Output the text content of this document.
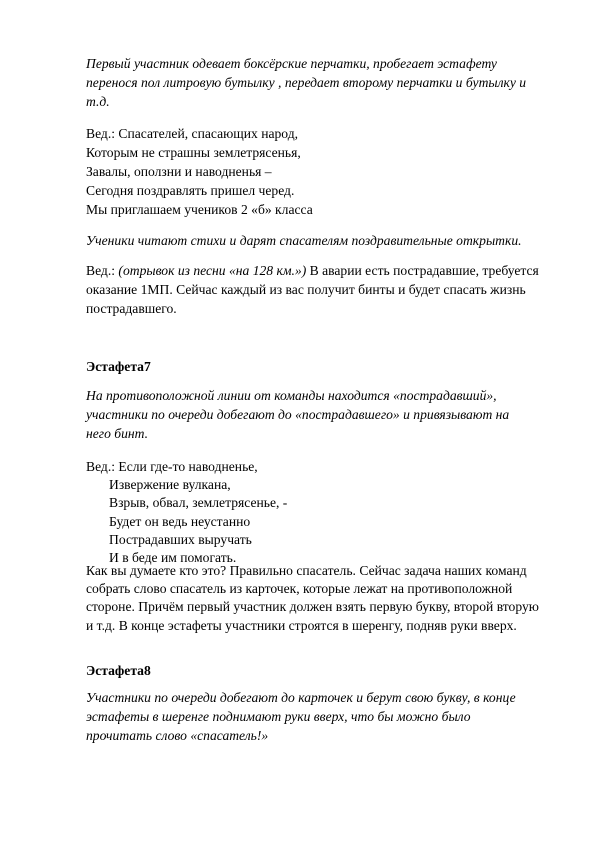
Первый участник одевает боксёрские перчатки, пробегает эстафету
перенося пол литровую бутылку , передает второму перчатки и бутылку и
т.д.
Вед.: Спасателей, спасающих народ,
Которым не страшны землетрясенья,
Завалы, оползни и наводненья –
Сегодня поздравлять пришел черед.
Мы приглашаем учеников 2 «б» класса
Ученики читают стихи и дарят спасателям поздравительные открытки.
Вед.: (отрывок из песни «на 128 км.») В аварии есть пострадавшие, требуется
оказание 1МП. Сейчас каждый из вас получит бинты и будет спасать жизнь
пострадавшего.
Эстафета7
На противоположной линии от команды находится «пострадавший»,
участники по очереди добегают до «пострадавшего» и привязывают на
него бинт.
Вед.: Если где-то наводненье,
Извержение вулкана,
Взрыв, обвал, землетрясенье, -
Будет он ведь неустанно
Пострадавших выручать
И в беде им помогать.
Как вы думаете кто это? Правильно спасатель. Сейчас задача наших команд
собрать слово спасатель из карточек, которые лежат на противоположной
стороне. Причём первый участник должен взять первую букву, второй вторую
и т.д. В конце эстафеты участники строятся в шеренгу, подняв руки вверх.
Эстафета8
Участники по очереди добегают до карточек и берут свою букву, в конце
эстафеты в шеренге поднимают руки вверх, что бы можно было
прочитать слово «спасатель!»
